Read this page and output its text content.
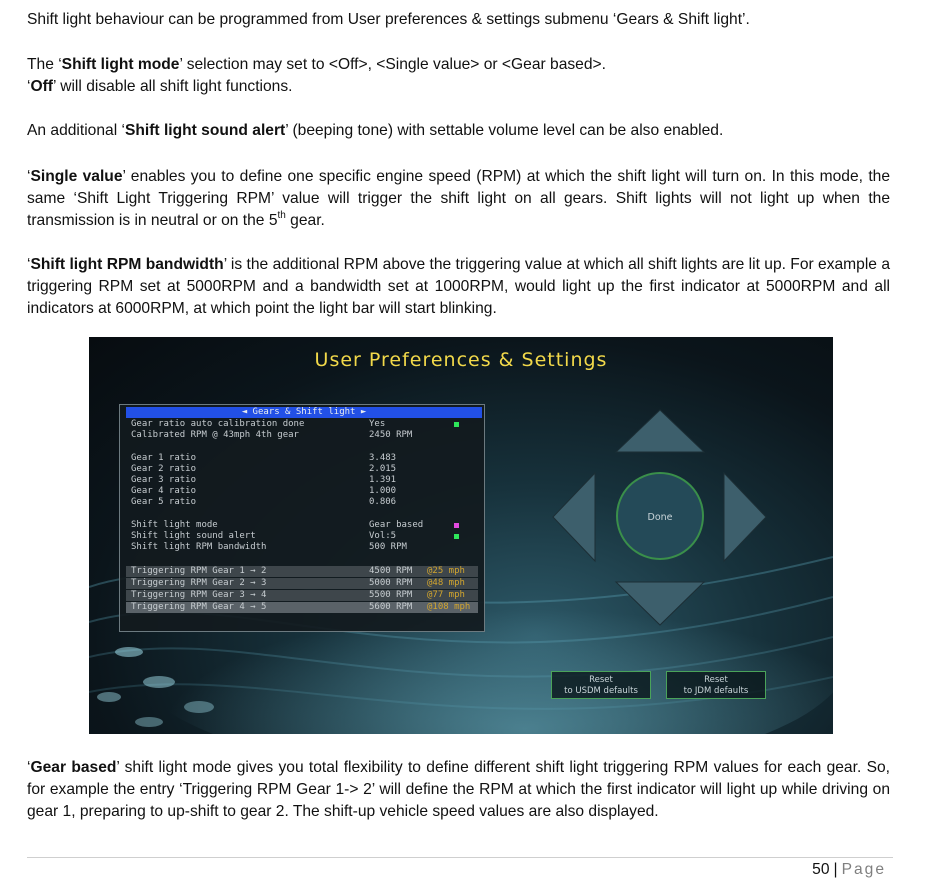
Shift light behaviour can be programmed from User preferences & settings submenu ‘Gears & Shift light’.

The ‘Shift light mode’ selection may set to <Off>, <Single value> or <Gear based>.
‘Off’ will disable all shift light functions.

An additional ‘Shift light sound alert’ (beeping tone) with settable volume level can be also enabled.

‘Single value’ enables you to define one specific engine speed (RPM) at which the shift light will turn on. In this mode, the same ‘Shift Light Triggering RPM’ value will trigger the shift light on all gears. Shift lights will not light up when the transmission is in neutral or on the 5th gear.

‘Shift light RPM bandwidth’ is the additional RPM above the triggering value at which all shift lights are lit up. For example a triggering RPM set at 5000RPM and a bandwidth set at 1000RPM, would light up the first indicator at 5000RPM and all indicators at 6000RPM, at which point the light bar will start blinking.

Done
User Preferences & Settings
◄ Gears & Shift light ►
Gear ratio auto calibration done	Yes
Calibrated RPM @ 43mph 4th gear	2450 RPM
Gear 1 ratio	3.483
Gear 2 ratio	2.015
Gear 3 ratio	1.391
Gear 4 ratio	1.000
Gear 5 ratio	0.806
Shift light mode	Gear based
Shift light sound alert	Vol:5
Shift light RPM bandwidth	500 RPM
Triggering RPM Gear 1 → 2	4500 RPM @25 mph
Triggering RPM Gear 2 → 3	5000 RPM @48 mph
Triggering RPM Gear 3 → 4	5500 RPM @77 mph
Triggering RPM Gear 4 → 5	5600 RPM @108 mph
Reset
to USDM defaults
Reset
to JDM defaults

‘Gear based’ shift light mode gives you total flexibility to define different shift light triggering RPM values for each gear. So, for example the entry ‘Triggering RPM Gear 1-> 2’ will define the RPM at which the first indicator will light up while driving on gear 1, preparing to up-shift to gear 2. The shift-up vehicle speed values are also displayed.

50 | Page
